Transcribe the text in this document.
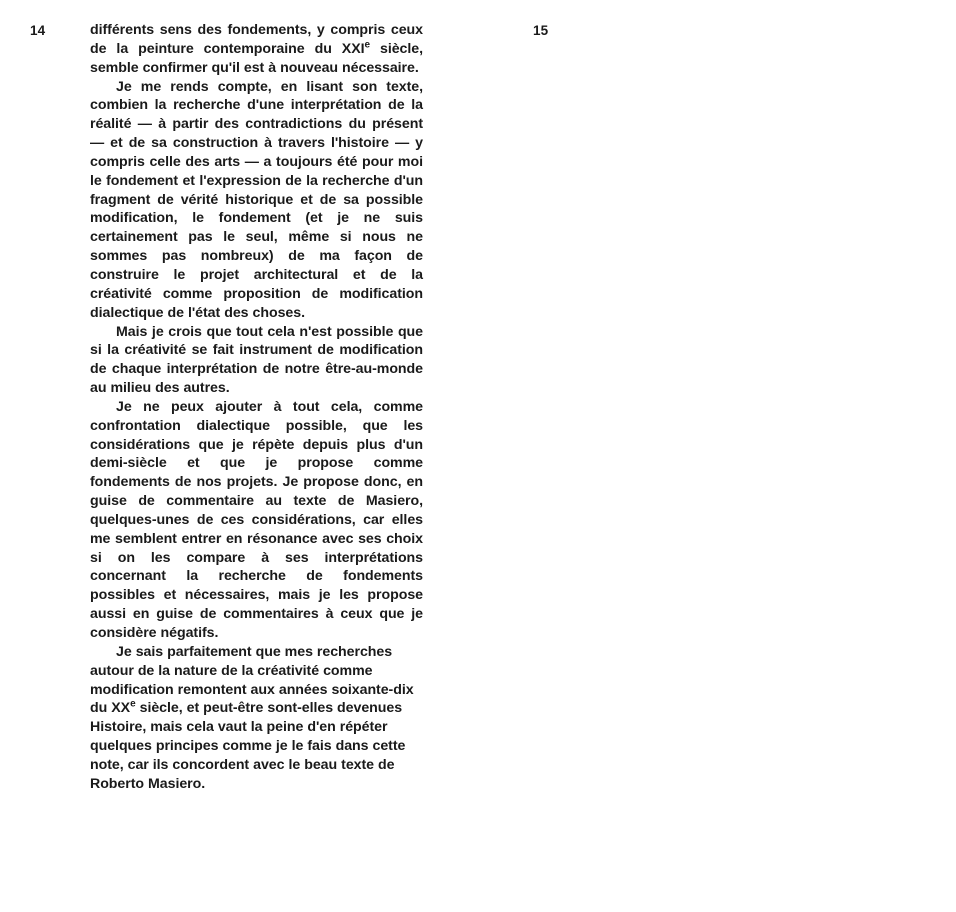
14	différents sens des fondements, y compris ceux de la peinture contemporaine du XXIe siècle, semble confirmer qu'il est à nouveau nécessaire.

Je me rends compte, en lisant son texte, combien la recherche d'une interprétation de la réalité — à partir des contradictions du présent — et de sa construction à travers l'histoire — y compris celle des arts — a toujours été pour moi le fondement et l'expression de la recherche d'un fragment de vérité historique et de sa possible modification, le fondement (et je ne suis certainement pas le seul, même si nous ne sommes pas nombreux) de ma façon de construire le projet architectural et de la créativité comme proposition de modification dialectique de l'état des choses.

Mais je crois que tout cela n'est possible que si la créativité se fait instrument de modification de chaque interprétation de notre être-au-monde au milieu des autres.

Je ne peux ajouter à tout cela, comme confrontation dialectique possible, que les considérations que je répète depuis plus d'un demi-siècle et que je propose comme fondements de nos projets. Je propose donc, en guise de commentaire au texte de Masiero, quelques-unes de ces considérations, car elles me semblent entrer en résonance avec ses choix si on les compare à ses interprétations concernant la recherche de fondements possibles et nécessaires, mais je les propose aussi en guise de commentaires à ceux que je considère négatifs.

Je sais parfaitement que mes recherches autour de la nature de la créativité comme modification remontent aux années soixante-dix du XXe siècle, et peut-être sont-elles devenues Histoire, mais cela vaut la peine d'en répéter quelques principes comme je le fais dans cette note, car ils concordent avec le beau texte de Roberto Masiero.

15
